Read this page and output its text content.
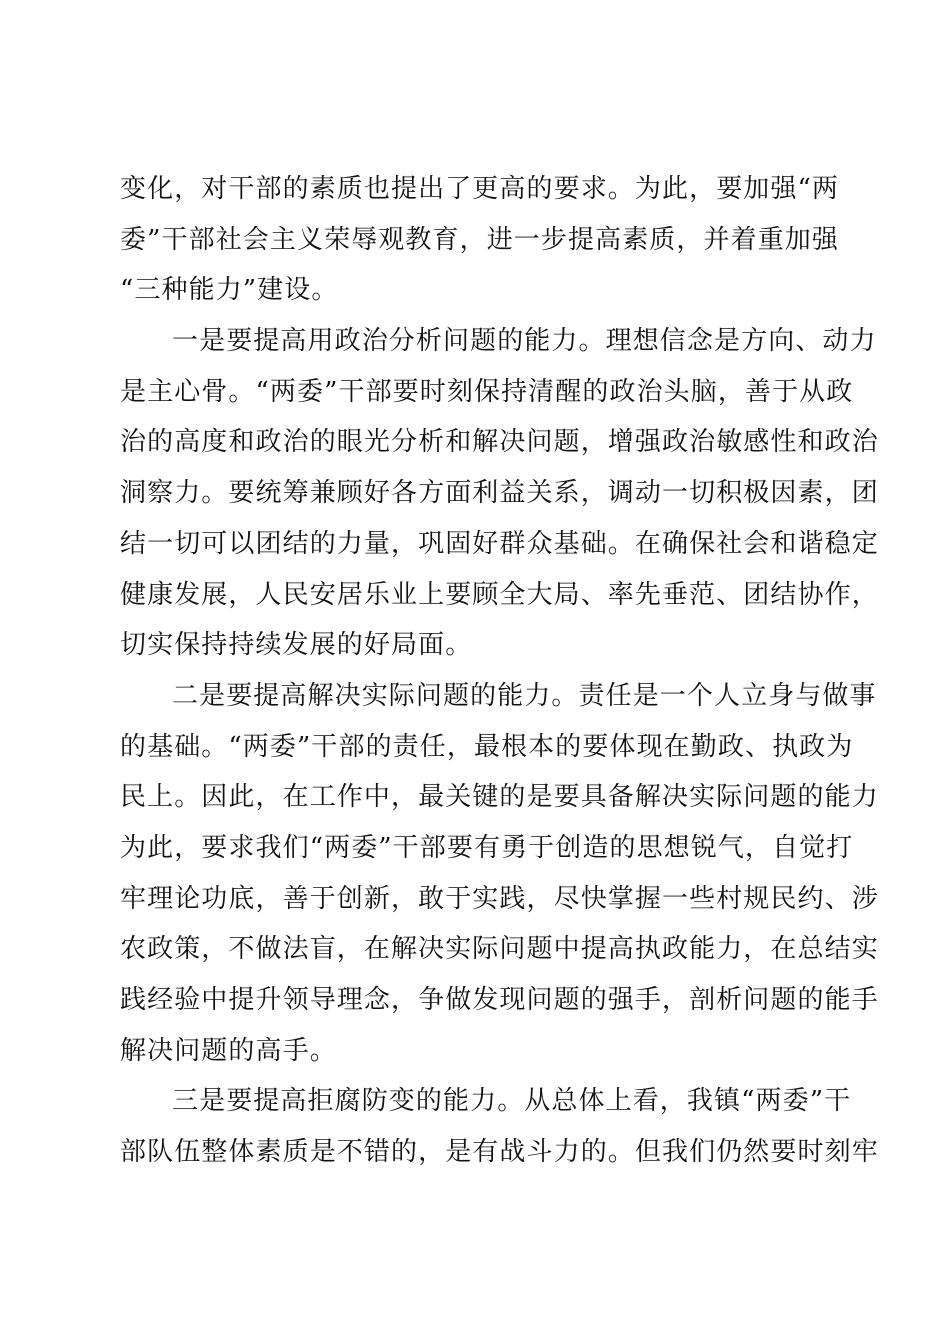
变化，对干部的素质也提出了更高的要求。为此，要加强“两
委”干部社会主义荣辱观教育，进一步提高素质，并着重加强
“三种能力”建设。
一是要提高用政治分析问题的能力。理想信念是方向、动力
是主心骨。“两委”干部要时刻保持清醒的政治头脑，善于从政
治的高度和政治的眼光分析和解决问题，增强政治敏感性和政治
洞察力。要统筹兼顾好各方面利益关系，调动一切积极因素，团
结一切可以团结的力量，巩固好群众基础。在确保社会和谐稳定
健康发展，人民安居乐业上要顾全大局、率先垂范、团结协作，
切实保持持续发展的好局面。
二是要提高解决实际问题的能力。责任是一个人立身与做事
的基础。“两委”干部的责任，最根本的要体现在勤政、执政为
民上。因此，在工作中，最关键的是要具备解决实际问题的能力
为此，要求我们“两委”干部要有勇于创造的思想锐气，自觉打
牢理论功底，善于创新，敢于实践，尽快掌握一些村规民约、涉
农政策，不做法盲，在解决实际问题中提高执政能力，在总结实
践经验中提升领导理念，争做发现问题的强手，剖析问题的能手
解决问题的高手。
三是要提高拒腐防变的能力。从总体上看，我镇“两委”干
部队伍整体素质是不错的，是有战斗力的。但我们仍然要时刻牢
